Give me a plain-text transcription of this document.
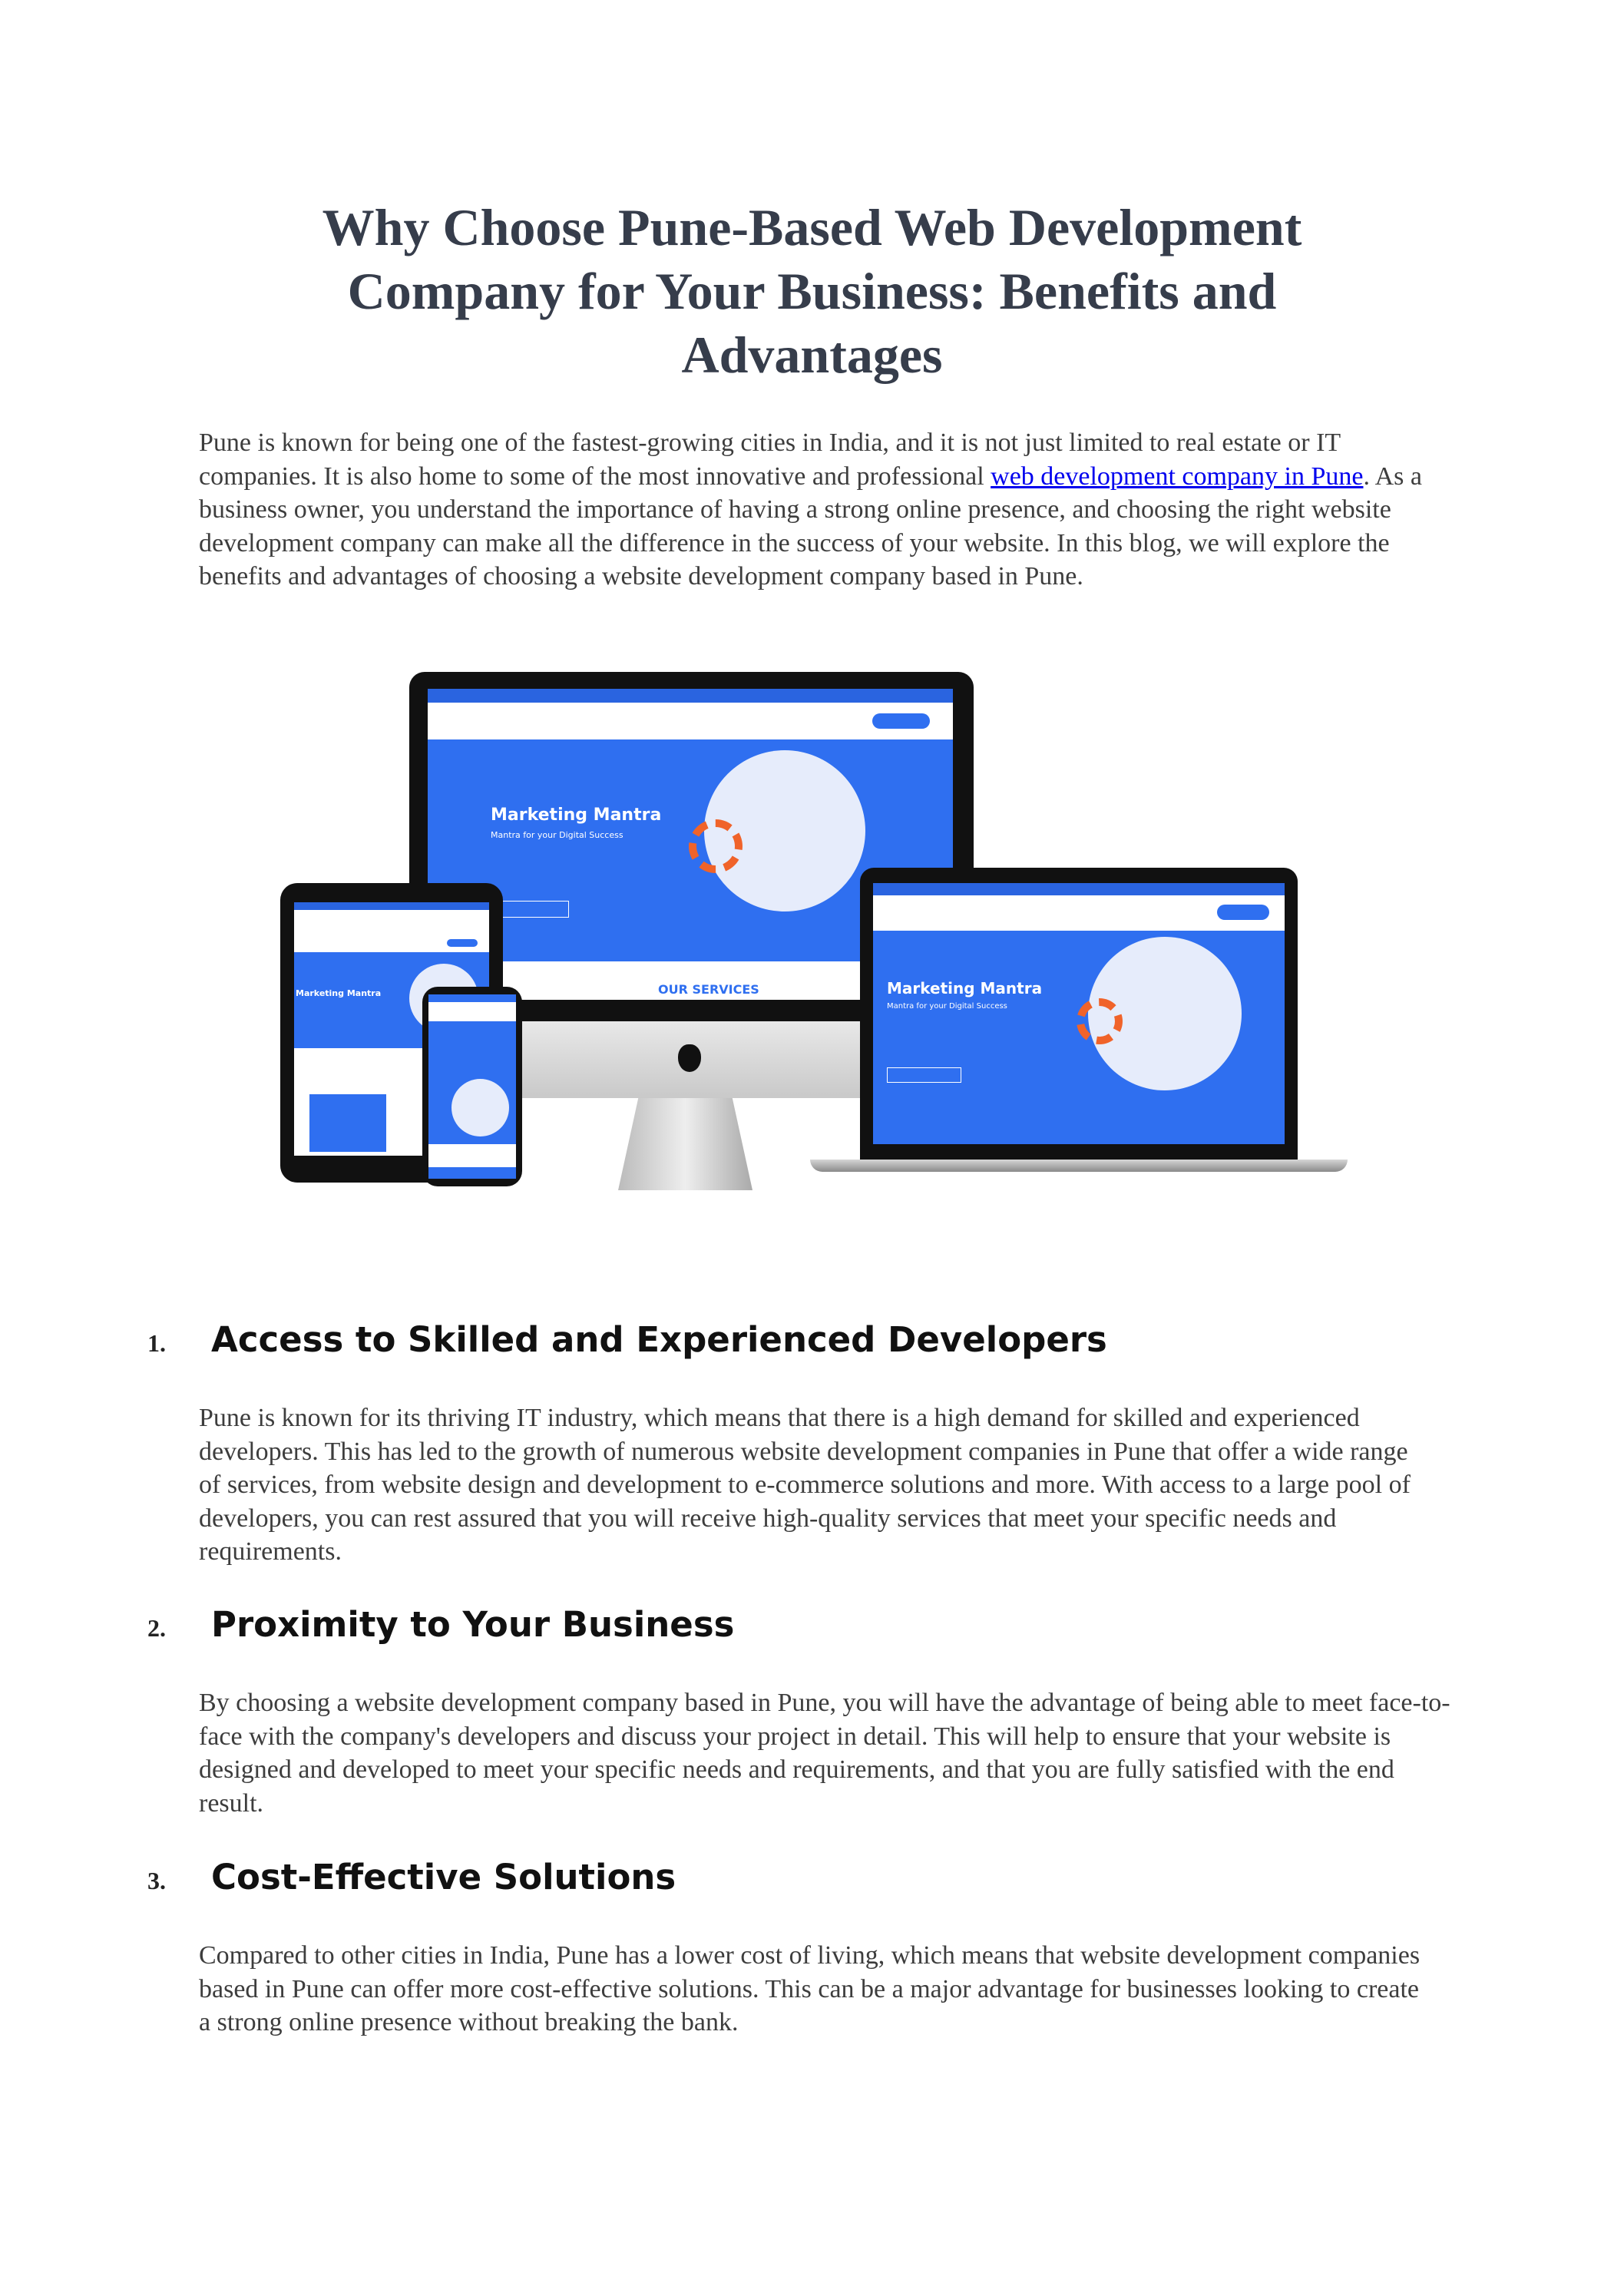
Why Choose Pune-Based Web Development Company for Your Business: Benefits and Advantages

Pune is known for being one of the fastest-growing cities in India, and it is not just limited to real estate or IT companies. It is also home to some of the most innovative and professional web development company in Pune. As a business owner, you understand the importance of having a strong online presence, and choosing the right website development company can make all the difference in the success of your website. In this blog, we will explore the benefits and advantages of choosing a website development company based in Pune.

Marketing Mantra
Mantra for your Digital Success
OUR SERVICES
Marketing Mantra	Marketing Mantra
Mantra for your Digital Success
1.	Access to Skilled and Experienced Developers

Pune is known for its thriving IT industry, which means that there is a high demand for skilled and experienced developers. This has led to the growth of numerous website development companies in Pune that offer a wide range of services, from website design and development to e-commerce solutions and more. With access to a large pool of developers, you can rest assured that you will receive high-quality services that meet your specific needs and requirements.

2.	Proximity to Your Business

By choosing a website development company based in Pune, you will have the advantage of being able to meet face-to-face with the company's developers and discuss your project in detail. This will help to ensure that your website is designed and developed to meet your specific needs and requirements, and that you are fully satisfied with the end result.

3.	Cost-Effective Solutions

Compared to other cities in India, Pune has a lower cost of living, which means that website development companies based in Pune can offer more cost-effective solutions. This can be a major advantage for businesses looking to create a strong online presence without breaking the bank.
